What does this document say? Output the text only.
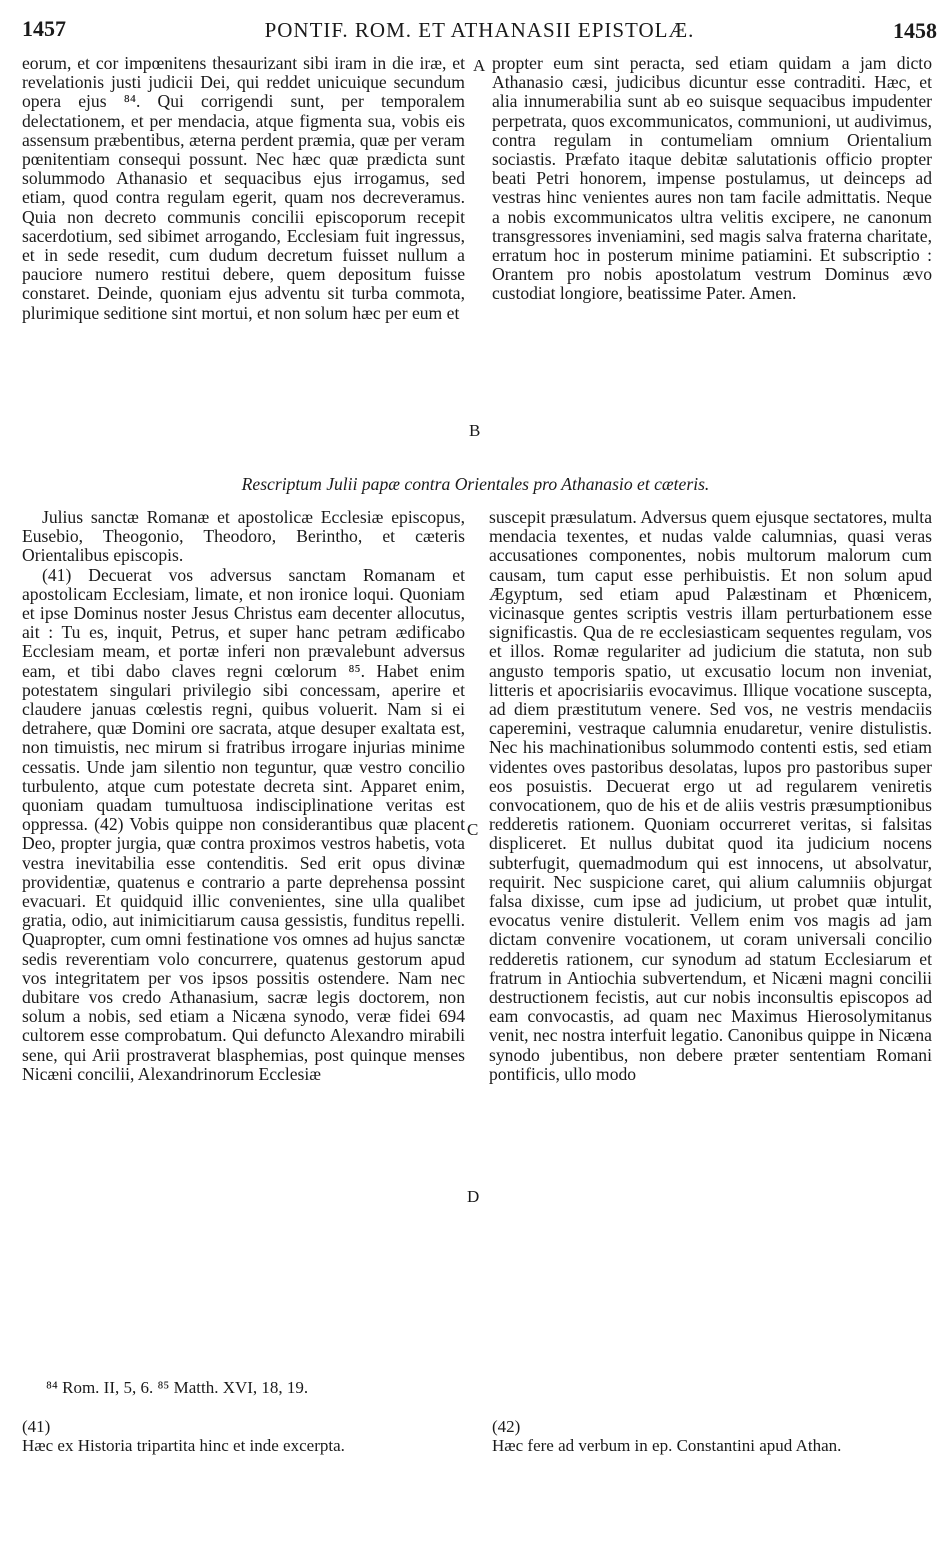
1457	PONTIF. ROM. ET ATHANASII EPISTOLÆ.	1458

eorum, et cor impœnitens thesaurizant sibi iram in die iræ, et revelationis justi judicii Dei, qui reddet unicuique secundum opera ejus ⁸⁴. Qui corrigendi sunt, per temporalem delectationem, et per mendacia, atque figmenta sua, vobis eis assensum præbentibus, æterna perdent præmia, quæ per veram pœnitentiam consequi possunt. Nec hæc quæ prædicta sunt solummodo Athanasio et sequacibus ejus irrogamus, sed etiam, quod contra regulam egerit, quam nos decreveramus. Quia non decreto communis concilii episcoporum recepit sacerdotium, sed sibimet arrogando, Ecclesiam fuit ingressus, et in sede resedit, cum dudum decretum fuisset nullum a pauciore numero restitui debere, quem depositum fuisse constaret. Deinde, quoniam ejus adventu sit turba commota, plurimique seditione sint mortui, et non solum hæc per eum et

propter eum sint peracta, sed etiam quidam a jam dicto Athanasio cæsi, judicibus dicuntur esse contraditi. Hæc, et alia innumerabilia sunt ab eo suisque sequacibus impudenter perpetrata, quos excommunicatos, communioni, ut audivimus, contra regulam in contumeliam omnium Orientalium sociastis. Præfato itaque debitæ salutationis officio propter beati Petri honorem, impense postulamus, ut deinceps ad vestras hinc venientes aures non tam facile admittatis. Neque a nobis excommunicatos ultra velitis excipere, ne canonum transgressores inveniamini, sed magis salva fraterna charitate, erratum hoc in posterum minime patiamini. Et subscriptio : Orantem pro nobis apostolatum vestrum Dominus ævo custodiat longiore, beatissime Pater. Amen.

A
B
C
D
Rescriptum Julii papæ contra Orientales pro Athanasio et cæteris.

Julius sanctæ Romanæ et apostolicæ Ecclesiæ episcopus, Eusebio, Theogonio, Theodoro, Berintho, et cæteris Orientalibus episcopis.

(41) Decuerat vos adversus sanctam Romanam et apostolicam Ecclesiam, limate, et non ironice loqui. Quoniam et ipse Dominus noster Jesus Christus eam decenter allocutus, ait : Tu es, inquit, Petrus, et super hanc petram ædificabo Ecclesiam meam, et portæ inferi non prævalebunt adversus eam, et tibi dabo claves regni cœlorum ⁸⁵. Habet enim potestatem singulari privilegio sibi concessam, aperire et claudere januas cœlestis regni, quibus voluerit. Nam si ei detrahere, quæ Domini ore sacrata, atque desuper exaltata est, non timuistis, nec mirum si fratribus irrogare injurias minime cessatis. Unde jam silentio non teguntur, quæ vestro concilio turbulento, atque cum potestate decreta sint. Apparet enim, quoniam quadam tumultuosa indisciplinatione veritas est oppressa. (42) Vobis quippe non considerantibus quæ placent Deo, propter jurgia, quæ contra proximos vestros habetis, vota vestra inevitabilia esse contenditis. Sed erit opus divinæ providentiæ, quatenus e contrario a parte deprehensa possint evacuari. Et quidquid illic convenientes, sine ulla qualibet gratia, odio, aut inimicitiarum causa gessistis, funditus repelli. Quapropter, cum omni festinatione vos omnes ad hujus sanctæ sedis reverentiam volo concurrere, quatenus gestorum apud vos integritatem per vos ipsos possitis ostendere. Nam nec dubitare vos credo Athanasium, sacræ legis doctorem, non solum a nobis, sed etiam a Nicæna synodo, veræ fidei 694 cultorem esse comprobatum. Qui defuncto Alexandro mirabili sene, qui Arii prostraverat blasphemias, post quinque menses Nicæni concilii, Alexandrinorum Ecclesiæ

suscepit præsulatum. Adversus quem ejusque sectatores, multa mendacia texentes, et nudas valde calumnias, quasi veras accusationes componentes, nobis multorum malorum cum causam, tum caput esse perhibuistis. Et non solum apud Ægyptum, sed etiam apud Palæstinam et Phœnicem, vicinasque gentes scriptis vestris illam perturbationem esse significastis. Qua de re ecclesiasticam sequentes regulam, vos et illos. Romæ regulariter ad judicium die statuta, non sub angusto temporis spatio, ut excusatio locum non inveniat, litteris et apocrisiariis evocavimus. Illique vocatione suscepta, ad diem præstitutum venere. Sed vos, ne vestris mendaciis caperemini, vestraque calumnia enudaretur, venire distulistis. Nec his machinationibus solummodo contenti estis, sed etiam videntes oves pastoribus desolatas, lupos pro pastoribus super eos posuistis. Decuerat ergo ut ad regularem veniretis convocationem, quo de his et de aliis vestris præsumptionibus redderetis rationem. Quoniam occurreret veritas, si falsitas displiceret. Et nullus dubitat quod ita judicium nocens subterfugit, quemadmodum qui est innocens, ut absolvatur, requirit. Nec suspicione caret, qui alium calumniis objurgat falsa dixisse, cum ipse ad judicium, ut probet quæ intulit, evocatus venire distulerit. Vellem enim vos magis ad jam dictam convenire vocationem, ut coram universali concilio redderetis rationem, cur synodum ad statum Ecclesiarum et fratrum in Antiochia subvertendum, et Nicæni magni concilii destructionem fecistis, aut cur nobis inconsultis episcopos ad eam convocastis, ad quam nec Maximus Hierosolymitanus venit, nec nostra interfuit legatio. Canonibus quippe in Nicæna synodo jubentibus, non debere præter sententiam Romani pontificis, ullo modo

⁸⁴ Rom. II, 5, 6. ⁸⁵ Matth. XVI, 18, 19.
(41)
Hæc ex Historia tripartita hinc et inde excerpta.
(42)
Hæc fere ad verbum in ep. Constantini apud Athan.
